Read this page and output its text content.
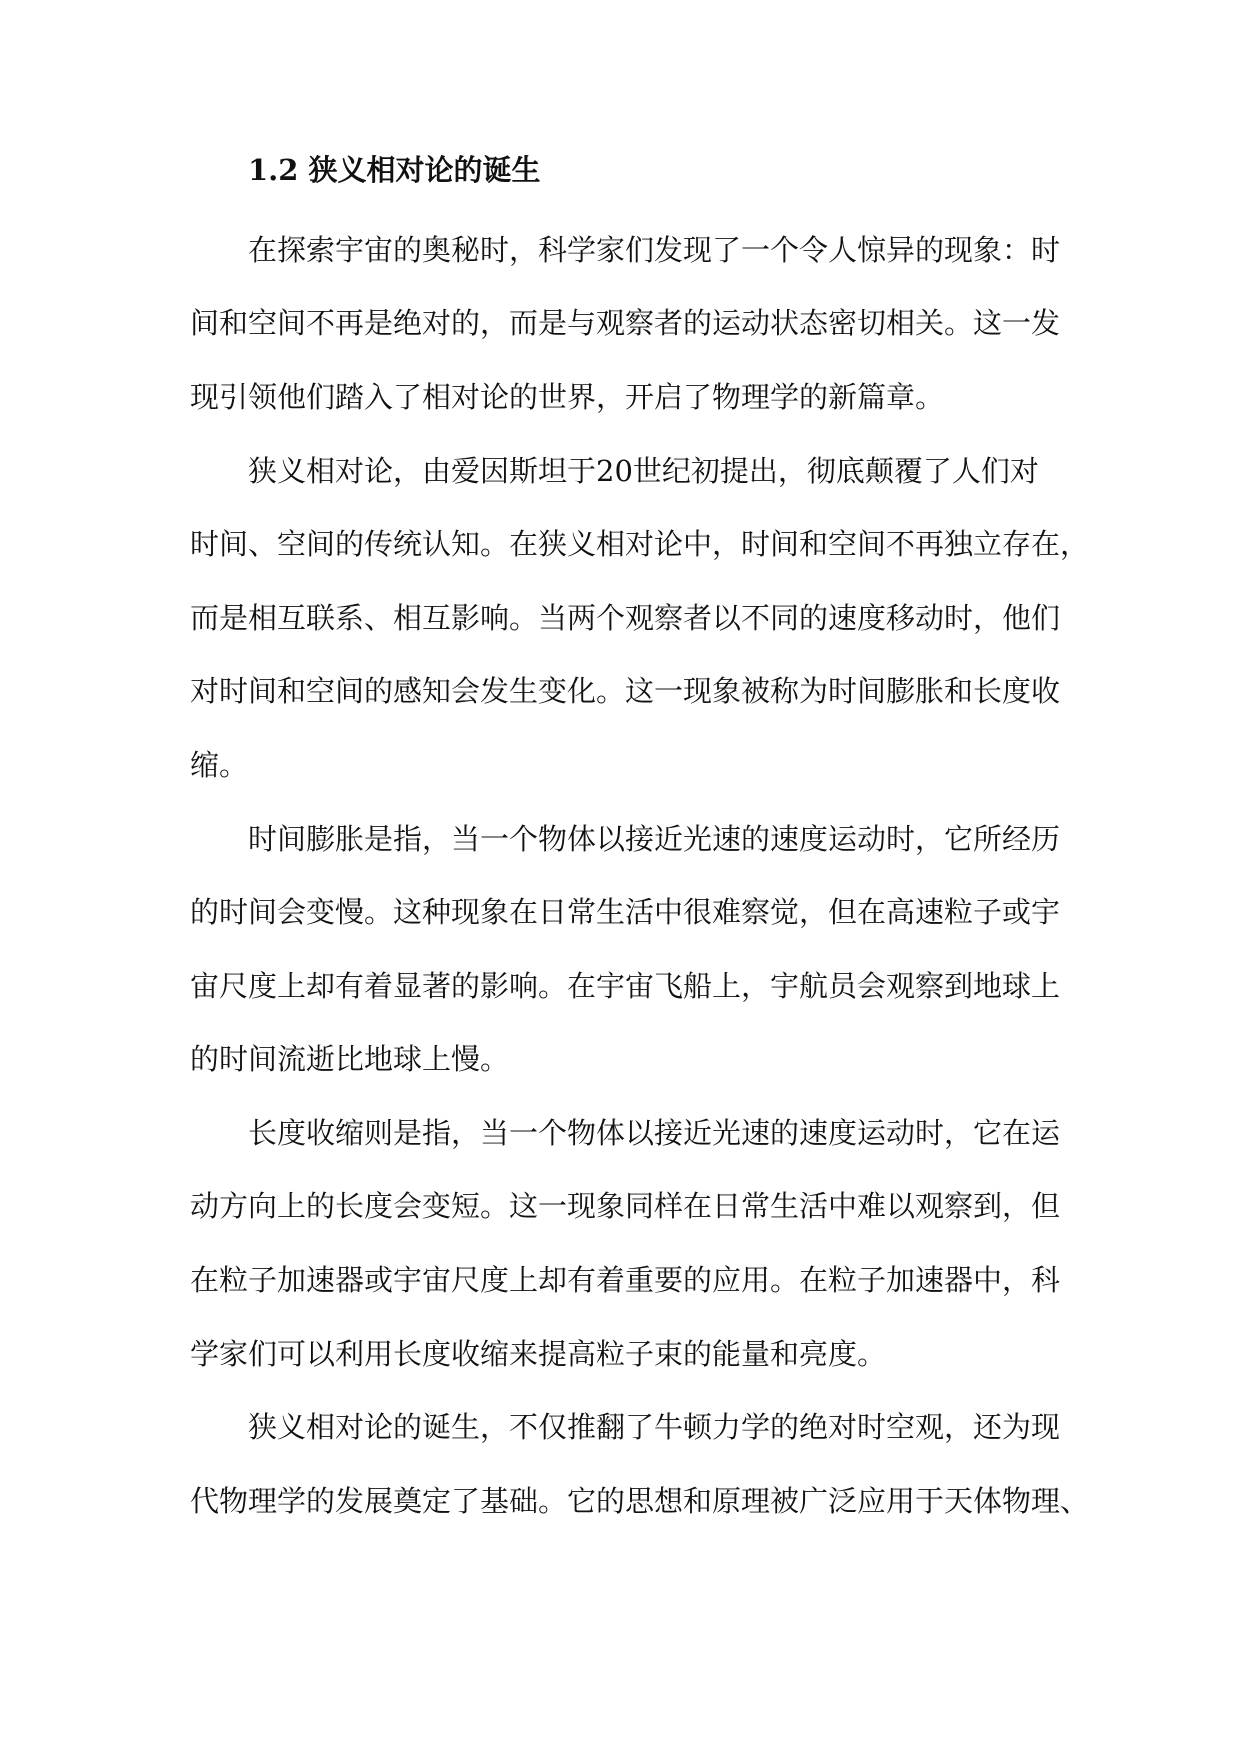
1.2 狭义相对论的诞生

在探索宇宙的奥秘时，科学家们发现了一个令人惊异的现象：时

间和空间不再是绝对的，而是与观察者的运动状态密切相关。这一发

现引领他们踏入了相对论的世界，开启了物理学的新篇章。

狭义相对论，由爱因斯坦于20世纪初提出，彻底颠覆了人们对

时间、空间的传统认知。在狭义相对论中，时间和空间不再独立存在，

而是相互联系、相互影响。当两个观察者以不同的速度移动时，他们

对时间和空间的感知会发生变化。这一现象被称为时间膨胀和长度收

缩。

时间膨胀是指，当一个物体以接近光速的速度运动时，它所经历

的时间会变慢。这种现象在日常生活中很难察觉，但在高速粒子或宇

宙尺度上却有着显著的影响。在宇宙飞船上，宇航员会观察到地球上

的时间流逝比地球上慢。

长度收缩则是指，当一个物体以接近光速的速度运动时，它在运

动方向上的长度会变短。这一现象同样在日常生活中难以观察到，但

在粒子加速器或宇宙尺度上却有着重要的应用。在粒子加速器中，科

学家们可以利用长度收缩来提高粒子束的能量和亮度。

狭义相对论的诞生，不仅推翻了牛顿力学的绝对时空观，还为现

代物理学的发展奠定了基础。它的思想和原理被广泛应用于天体物理、
